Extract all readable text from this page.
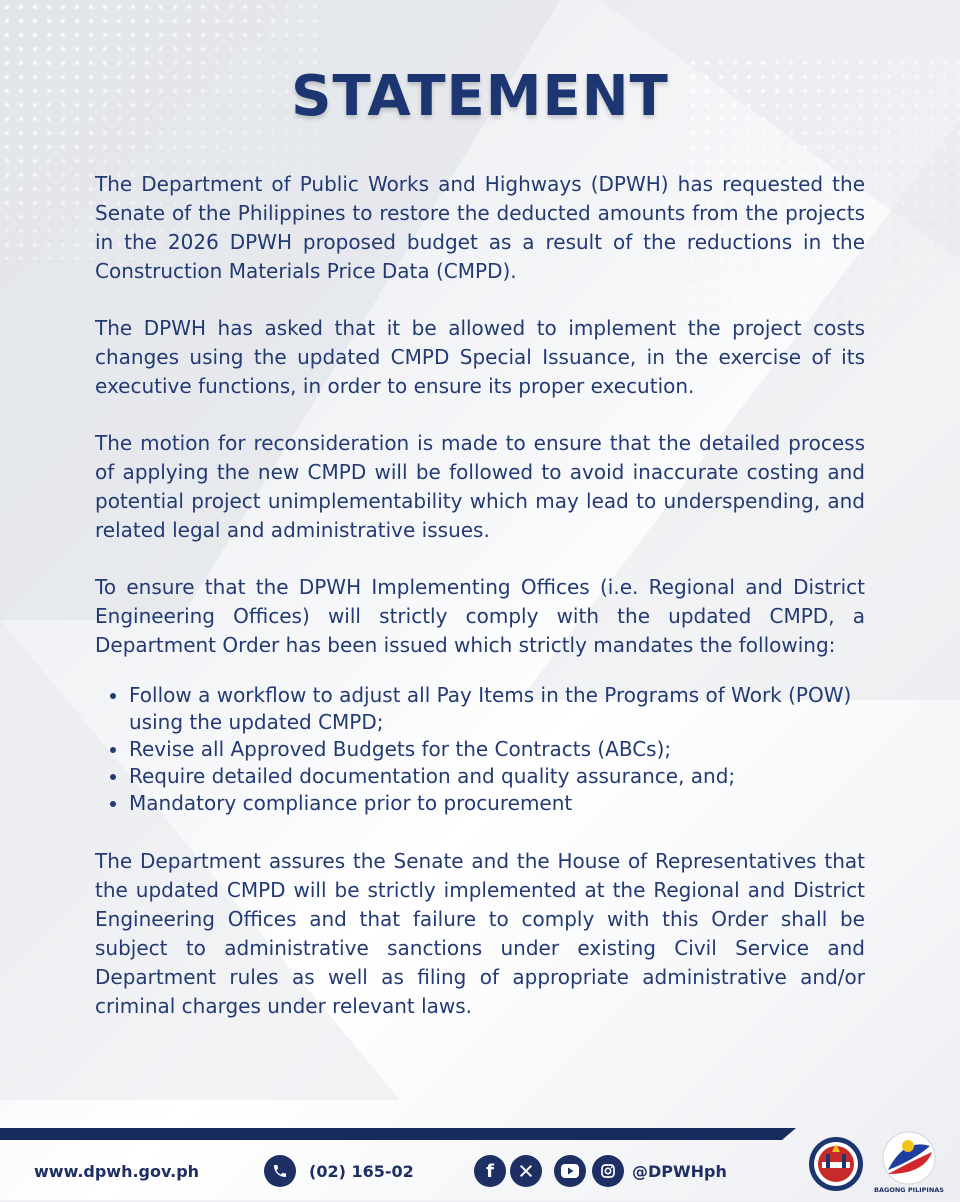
STATEMENT

The Department of Public Works and Highways (DPWH) has requested the Senate of the Philippines to restore the deducted amounts from the projects in the 2026 DPWH proposed budget as a result of the reductions in the Construction Materials Price Data (CMPD).

The DPWH has asked that it be allowed to implement the project costs changes using the updated CMPD Special Issuance, in the exercise of its executive functions, in order to ensure its proper execution.

The motion for reconsideration is made to ensure that the detailed process of applying the new CMPD will be followed to avoid inaccurate costing and potential project unimplementability which may lead to underspending, and related legal and administrative issues.

To ensure that the DPWH Implementing Offices (i.e. Regional and District Engineering Offices) will strictly comply with the updated CMPD, a Department Order has been issued which strictly mandates the following:

• Follow a workflow to adjust all Pay Items in the Programs of Work (POW) using the updated CMPD;
• Revise all Approved Budgets for the Contracts (ABCs);
• Require detailed documentation and quality assurance, and;
• Mandatory compliance prior to procurement

The Department assures the Senate and the House of Representatives that the updated CMPD will be strictly implemented at the Regional and District Engineering Offices and that failure to comply with this Order shall be subject to administrative sanctions under existing Civil Service and Department rules as well as filing of appropriate administrative and/or criminal charges under relevant laws.

www.dpwh.gov.ph	(02) 165-02	f	@DPWHph
BAGONG PILIPINAS
